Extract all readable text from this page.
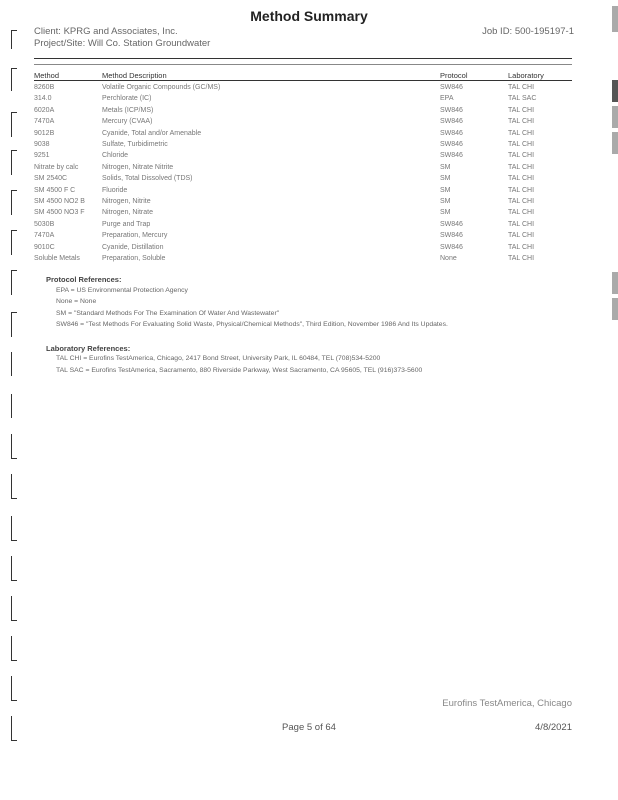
Method Summary
Client: KPRG and Associates, Inc.
Project/Site: Will Co. Station Groundwater
Job ID: 500-195197-1
Method	Method Description	Protocol	Laboratory
8260B	Volatile Organic Compounds (GC/MS)	SW846	TAL CHI
314.0	Perchlorate (IC)	EPA	TAL SAC
6020A	Metals (ICP/MS)	SW846	TAL CHI
7470A	Mercury (CVAA)	SW846	TAL CHI
9012B	Cyanide, Total and/or Amenable	SW846	TAL CHI
9038	Sulfate, Turbidimetric	SW846	TAL CHI
9251	Chloride	SW846	TAL CHI
Nitrate by calc	Nitrogen, Nitrate Nitrite	SM	TAL CHI
SM 2540C	Solids, Total Dissolved (TDS)	SM	TAL CHI
SM 4500 F C	Fluoride	SM	TAL CHI
SM 4500 NO2 B	Nitrogen, Nitrite	SM	TAL CHI
SM 4500 NO3 F	Nitrogen, Nitrate	SM	TAL CHI
5030B	Purge and Trap	SW846	TAL CHI
7470A	Preparation, Mercury	SW846	TAL CHI
9010C	Cyanide, Distillation	SW846	TAL CHI
Soluble Metals	Preparation, Soluble	None	TAL CHI
Protocol References:
EPA = US Environmental Protection Agency
None = None
SM = "Standard Methods For The Examination Of Water And Wastewater"
SW846 = "Test Methods For Evaluating Solid Waste, Physical/Chemical Methods", Third Edition, November 1986 And Its Updates.
Laboratory References:
TAL CHI = Eurofins TestAmerica, Chicago, 2417 Bond Street, University Park, IL 60484, TEL (708)534-5200
TAL SAC = Eurofins TestAmerica, Sacramento, 880 Riverside Parkway, West Sacramento, CA 95605, TEL (916)373-5600
Eurofins TestAmerica, Chicago
Page 5 of 64	4/8/2021
